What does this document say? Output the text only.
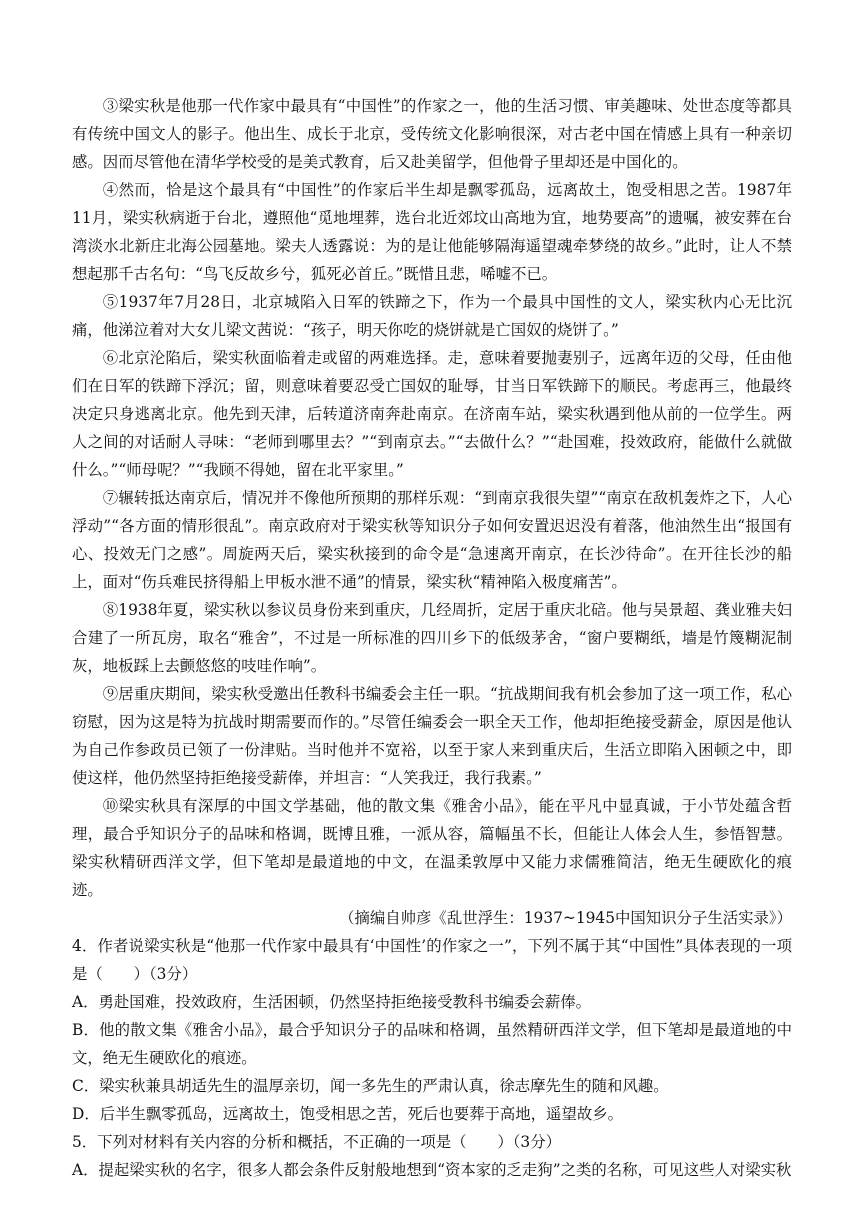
③梁实秋是他那一代作家中最具有“中国性”的作家之一，他的生活习惯、审美趣味、处世态度等都具有传统中国文人的影子。他出生、成长于北京，受传统文化影响很深，对古老中国在情感上具有一种亲切感。因而尽管他在清华学校受的是美式教育，后又赴美留学，但他骨子里却还是中国化的。

④然而，恰是这个最具有“中国性”的作家后半生却是飘零孤岛，远离故土，饱受相思之苦。1987年11月，梁实秋病逝于台北，遵照他“觅地埋葬，选台北近郊坟山高地为宜，地势要高”的遗嘱，被安葬在台湾淡水北新庄北海公园墓地。梁夫人透露说：为的是让他能够隔海遥望魂牵梦绕的故乡。”此时，让人不禁想起那千古名句：“鸟飞反故乡兮，狐死必首丘。”既惜且悲，唏嘘不已。

⑤1937年7月28日，北京城陷入日军的铁蹄之下，作为一个最具中国性的文人，梁实秋内心无比沉痛，他涕泣着对大女儿梁文茜说：“孩子，明天你吃的烧饼就是亡国奴的烧饼了。”

⑥北京沦陷后，梁实秋面临着走或留的两难选择。走，意味着要抛妻别子，远离年迈的父母，任由他们在日军的铁蹄下浮沉；留，则意味着要忍受亡国奴的耻辱，甘当日军铁蹄下的顺民。考虑再三，他最终决定只身逃离北京。他先到天津，后转道济南奔赴南京。在济南车站，梁实秋遇到他从前的一位学生。两人之间的对话耐人寻味：“老师到哪里去？”“到南京去。”“去做什么？”“赴国难，投效政府，能做什么就做什么。”“师母呢？”“我顾不得她，留在北平家里。”

⑦辗转抵达南京后，情况并不像他所预期的那样乐观：“到南京我很失望”“南京在敌机轰炸之下，人心浮动”“各方面的情形很乱”。南京政府对于梁实秋等知识分子如何安置迟迟没有着落，他油然生出“报国有心、投效无门之感”。周旋两天后，梁实秋接到的命令是“急速离开南京，在长沙待命”。在开往长沙的船上，面对“伤兵难民挤得船上甲板水泄不通”的情景，梁实秋“精神陷入极度痛苦”。

⑧1938年夏，梁实秋以参议员身份来到重庆，几经周折，定居于重庆北碚。他与吴景超、龚业雅夫妇合建了一所瓦房，取名“雅舍”，不过是一所标准的四川乡下的低级茅舍，“窗户要糊纸，墙是竹篾糊泥制灰，地板踩上去颤悠悠的吱哇作响”。

⑨居重庆期间，梁实秋受邀出任教科书编委会主任一职。“抗战期间我有机会参加了这一项工作，私心窃慰，因为这是特为抗战时期需要而作的。”尽管任编委会一职全天工作，他却拒绝接受薪金，原因是他认为自己作参政员已领了一份津贴。当时他并不宽裕，以至于家人来到重庆后，生活立即陷入困顿之中，即使这样，他仍然坚持拒绝接受薪俸，并坦言：“人笑我迂，我行我素。”

⑩梁实秋具有深厚的中国文学基础，他的散文集《雅舍小品》，能在平凡中显真诚，于小节处蕴含哲理，最合乎知识分子的品味和格调，既博且雅，一派从容，篇幅虽不长，但能让人体会人生，参悟智慧。梁实秋精研西洋文学，但下笔却是最道地的中文，在温柔敦厚中又能力求儒雅简洁，绝无生硬欧化的痕迹。

（摘编自帅彦《乱世浮生：1937~1945中国知识分子生活实录》）

4．作者说梁实秋是“他那一代作家中最具有‘中国性’的作家之一”，下列不属于其“中国性”具体表现的一项是（　　）（3分）

A．勇赴国难，投效政府，生活困顿，仍然坚持拒绝接受教科书编委会薪俸。

B．他的散文集《雅舍小品》，最合乎知识分子的品味和格调，虽然精研西洋文学，但下笔却是最道地的中文，绝无生硬欧化的痕迹。

C．梁实秋兼具胡适先生的温厚亲切，闻一多先生的严肃认真，徐志摩先生的随和风趣。

D．后半生飘零孤岛，远离故土，饱受相思之苦，死后也要葬于高地，遥望故乡。

5．下列对材料有关内容的分析和概括，不正确的一项是（　　）（3分）

A．提起梁实秋的名字，很多人都会条件反射般地想到“资本家的乏走狗”之类的名称，可见这些人对梁实秋
